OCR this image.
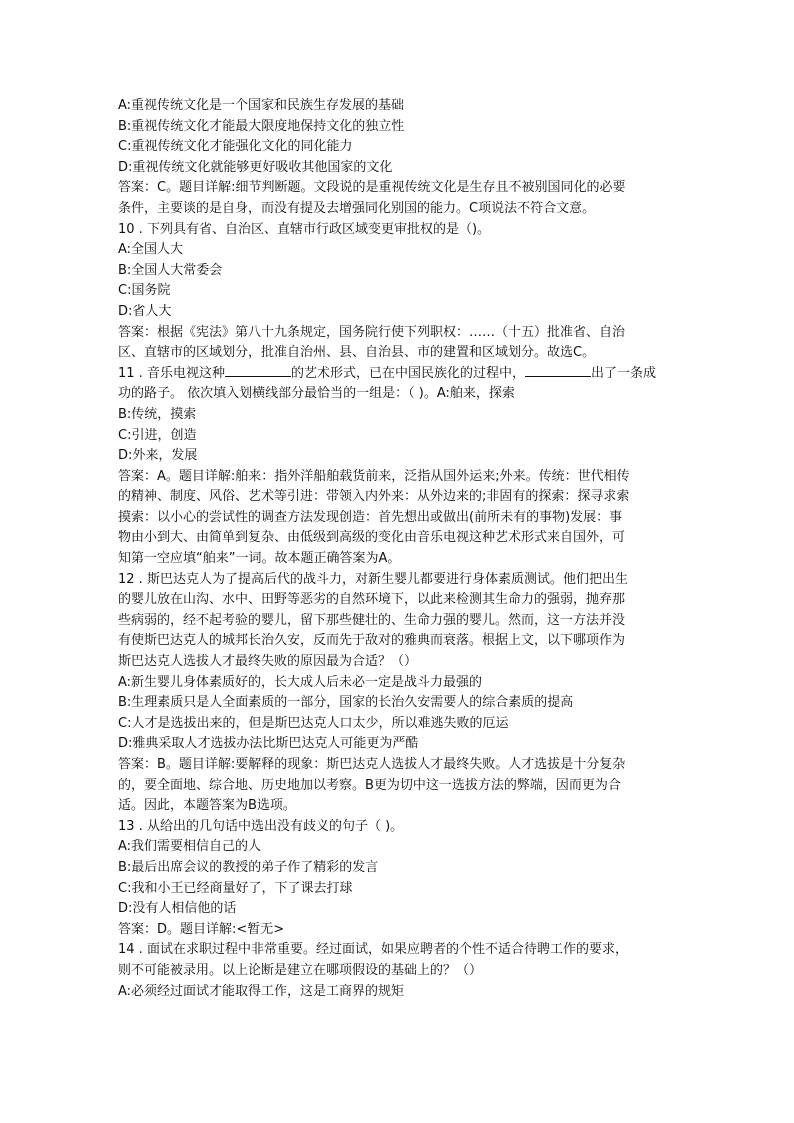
A:重视传统文化是一个国家和民族生存发展的基础
B:重视传统文化才能最大限度地保持文化的独立性
C:重视传统文化才能强化文化的同化能力
D:重视传统文化就能够更好吸收其他国家的文化
答案：C。题目详解:细节判断题。文段说的是重视传统文化是生存且不被别国同化的必要
条件，主要谈的是自身，而没有提及去增强同化别国的能力。C项说法不符合文意。
10 . 下列具有省、自治区、直辖市行政区域变更审批权的是（)。
A:全国人大
B:全国人大常委会
C:国务院
D:省人大
答案：根据《宪法》第八十九条规定，国务院行使下列职权：……（十五）批准省、自治
区、直辖市的区域划分，批准自治州、县、自治县、市的建置和区域划分。故选C。
11 . 音乐电视这种	的艺术形式，已在中国民族化的过程中，	出了一条成
功的路子。 依次填入划横线部分最恰当的一组是：（ )。A:舶来，探索
B:传统，摸索
C:引进，创造
D:外来，发展
答案：A。题目详解:舶来：指外洋船舶载货前来，泛指从国外运来;外来。传统：世代相传
的精神、制度、风俗、艺术等引进：带领入内外来：从外边来的;非固有的探索：探寻求索
摸索：以小心的尝试性的调查方法发现创造：首先想出或做出(前所未有的事物)发展：事
物由小到大、由简单到复杂、由低级到高级的变化由音乐电视这种艺术形式来自国外，可
知第一空应填“舶来”一词。故本题正确答案为A。
12 . 斯巴达克人为了提高后代的战斗力，对新生婴儿都要进行身体素质测试。他们把出生
的婴儿放在山沟、水中、田野等恶劣的自然环境下，以此来检测其生命力的强弱，抛弃那
些病弱的，经不起考验的婴儿，留下那些健壮的、生命力强的婴儿。然而，这一方法并没
有使斯巴达克人的城邦长治久安，反而先于敌对的雅典而衰落。根据上文，以下哪项作为
斯巴达克人选拔人才最终失败的原因最为合适？（）
A:新生婴儿身体素质好的，长大成人后未必一定是战斗力最强的
B:生理素质只是人全面素质的一部分，国家的长治久安需要人的综合素质的提高
C:人才是选拔出来的，但是斯巴达克人口太少，所以难逃失败的厄运
D:雅典采取人才选拔办法比斯巴达克人可能更为严酷
答案：B。题目详解:要解释的现象：斯巴达克人选拔人才最终失败。人才选拔是十分复杂
的，要全面地、综合地、历史地加以考察。B更为切中这一选拔方法的弊端，因而更为合
适。因此，本题答案为B选项。
13 . 从给出的几句话中选出没有歧义的句子（ )。
A:我们需要相信自己的人
B:最后出席会议的教授的弟子作了精彩的发言
C:我和小王已经商量好了，下了课去打球
D:没有人相信他的话
答案：D。题目详解:<暂无>
14 . 面试在求职过程中非常重要。经过面试，如果应聘者的个性不适合待聘工作的要求，
则不可能被录用。以上论断是建立在哪项假设的基础上的？（）
A:必须经过面试才能取得工作，这是工商界的规矩
